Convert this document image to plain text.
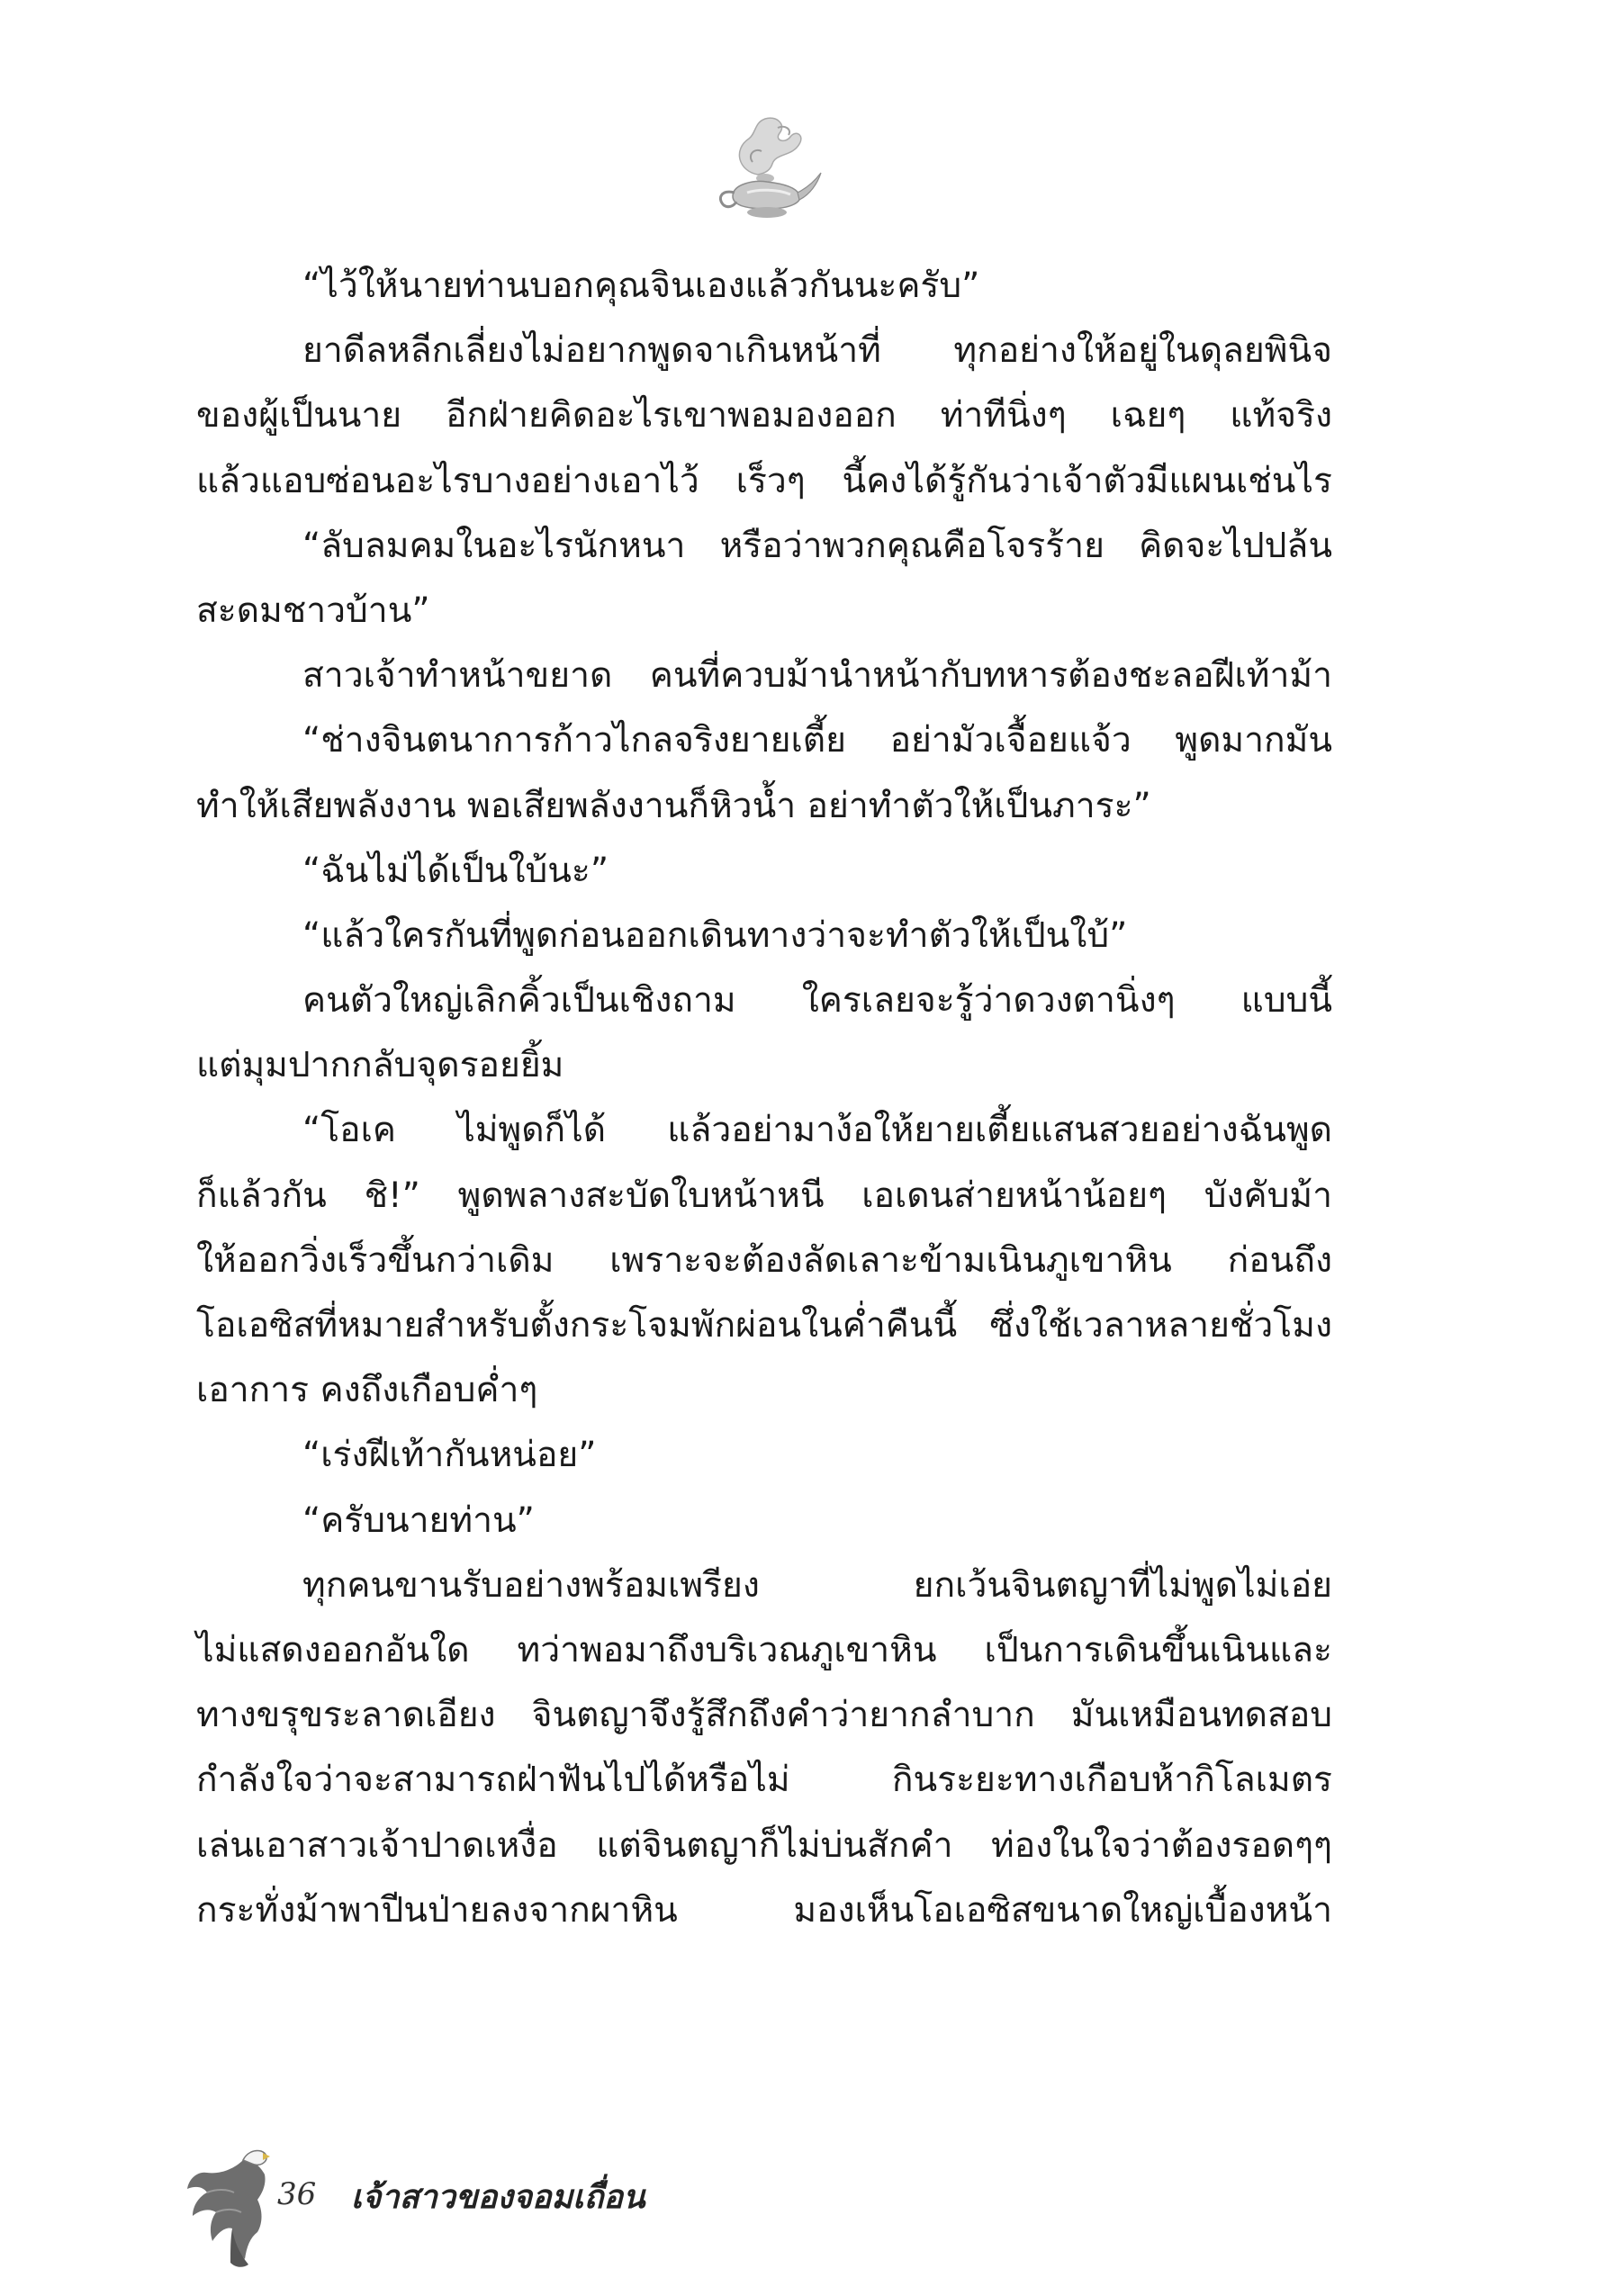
“ไว้ให้นายท่านบอกคุณจินเองแล้วกันนะครับ”
ยาดีลหลีกเลี่ยงไม่อยากพูดจาเกินหน้าที่ ทุกอย่างให้อยู่ในดุลยพินิจ
ของผู้เป็นนาย อีกฝ่ายคิดอะไรเขาพอมองออก ท่าทีนิ่งๆ เฉยๆ แท้จริง
แล้วแอบซ่อนอะไรบางอย่างเอาไว้ เร็วๆ นี้คงได้รู้กันว่าเจ้าตัวมีแผนเช่นไร
“ลับลมคมในอะไรนักหนา หรือว่าพวกคุณคือโจรร้าย คิดจะไปปล้น
สะดมชาวบ้าน”
สาวเจ้าทำหน้าขยาด คนที่ควบม้านำหน้ากับทหารต้องชะลอฝีเท้าม้า
“ช่างจินตนาการก้าวไกลจริงยายเตี้ย อย่ามัวเจื้อยแจ้ว พูดมากมัน
ทำให้เสียพลังงาน พอเสียพลังงานก็หิวน้ำ อย่าทำตัวให้เป็นภาระ”
“ฉันไม่ได้เป็นใบ้นะ”
“แล้วใครกันที่พูดก่อนออกเดินทางว่าจะทำตัวให้เป็นใบ้”
คนตัวใหญ่เลิกคิ้วเป็นเชิงถาม ใครเลยจะรู้ว่าดวงตานิ่งๆ แบบนี้
แต่มุมปากกลับจุดรอยยิ้ม
“โอเค ไม่พูดก็ได้ แล้วอย่ามาง้อให้ยายเตี้ยแสนสวยอย่างฉันพูด
ก็แล้วกัน ชิ!” พูดพลางสะบัดใบหน้าหนี เอเดนส่ายหน้าน้อยๆ บังคับม้า
ให้ออกวิ่งเร็วขึ้นกว่าเดิม เพราะจะต้องลัดเลาะข้ามเนินภูเขาหิน ก่อนถึง
โอเอซิสที่หมายสำหรับตั้งกระโจมพักผ่อนในค่ำคืนนี้ ซึ่งใช้เวลาหลายชั่วโมง
เอาการ คงถึงเกือบค่ำๆ
“เร่งฝีเท้ากันหน่อย”
“ครับนายท่าน”
ทุกคนขานรับอย่างพร้อมเพรียง ยกเว้นจินตญาที่ไม่พูดไม่เอ่ย
ไม่แสดงออกอันใด ทว่าพอมาถึงบริเวณภูเขาหิน เป็นการเดินขึ้นเนินและ
ทางขรุขระลาดเอียง จินตญาจึงรู้สึกถึงคำว่ายากลำบาก มันเหมือนทดสอบ
กำลังใจว่าจะสามารถฝ่าฟันไปได้หรือไม่ กินระยะทางเกือบห้ากิโลเมตร
เล่นเอาสาวเจ้าปาดเหงื่อ แต่จินตญาก็ไม่บ่นสักคำ ท่องในใจว่าต้องรอดๆๆ
กระทั่งม้าพาปีนป่ายลงจากผาหิน มองเห็นโอเอซิสขนาดใหญ่เบื้องหน้า
36 เจ้าสาวของจอมเถื่อน
